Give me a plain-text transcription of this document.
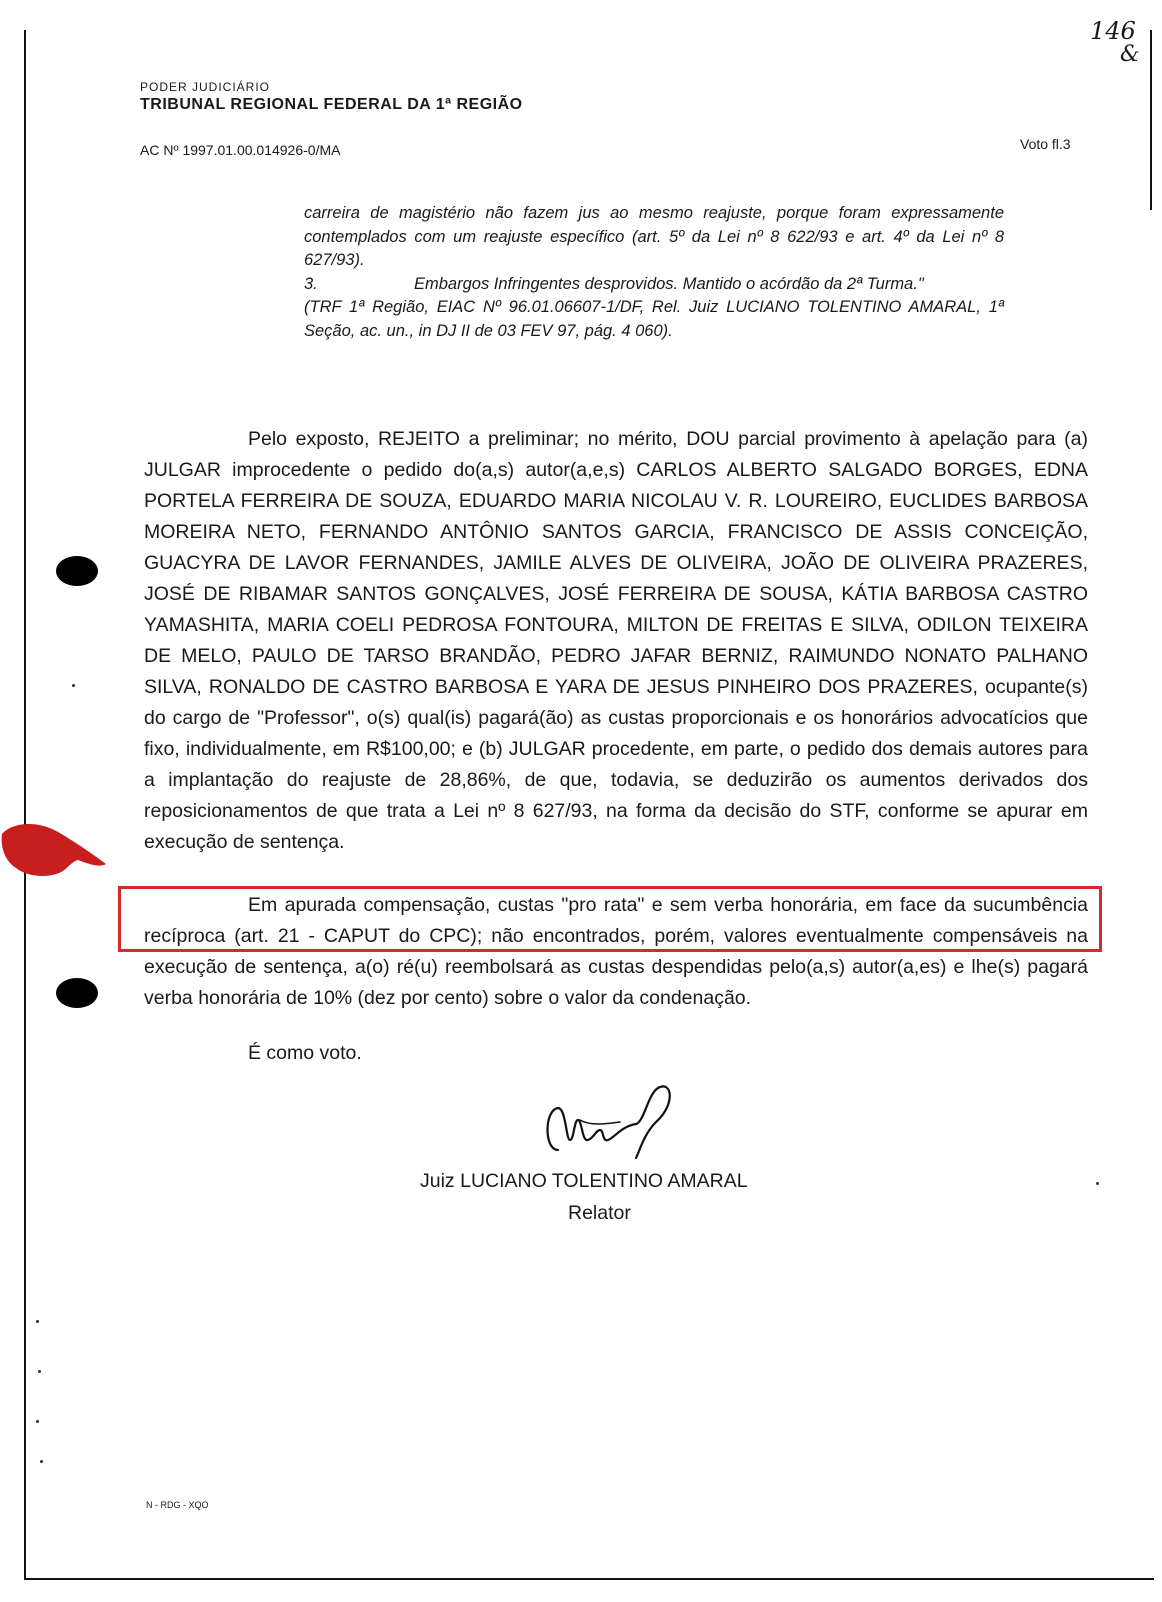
146
&
PODER JUDICIÁRIO
TRIBUNAL REGIONAL FEDERAL DA 1ª REGIÃO
AC Nº 1997.01.00.014926-0/MA	Voto fl.3

carreira de magistério não fazem jus ao mesmo reajuste, porque foram expressamente contemplados com um reajuste específico (art. 5º da Lei nº 8 622/93 e art. 4º da Lei nº 8 627/93).

3.	Embargos Infringentes desprovidos. Mantido o acórdão da 2ª Turma."

(TRF 1ª Região, EIAC Nº 96.01.06607-1/DF, Rel. Juiz LUCIANO TOLENTINO AMARAL, 1ª Seção, ac. un., in DJ II de 03 FEV 97, pág. 4 060).

Pelo exposto, REJEITO a preliminar; no mérito, DOU parcial provimento à apelação para (a) JULGAR improcedente o pedido do(a,s) autor(a,e,s) CARLOS ALBERTO SALGADO BORGES, EDNA PORTELA FERREIRA DE SOUZA, EDUARDO MARIA NICOLAU V. R. LOUREIRO, EUCLIDES BARBOSA MOREIRA NETO, FERNANDO ANTÔNIO SANTOS GARCIA, FRANCISCO DE ASSIS CONCEIÇÃO, GUACYRA DE LAVOR FERNANDES, JAMILE ALVES DE OLIVEIRA, JOÃO DE OLIVEIRA PRAZERES, JOSÉ DE RIBAMAR SANTOS GONÇALVES, JOSÉ FERREIRA DE SOUSA, KÁTIA BARBOSA CASTRO YAMASHITA, MARIA COELI PEDROSA FONTOURA, MILTON DE FREITAS E SILVA, ODILON TEIXEIRA DE MELO, PAULO DE TARSO BRANDÃO, PEDRO JAFAR BERNIZ, RAIMUNDO NONATO PALHANO SILVA, RONALDO DE CASTRO BARBOSA E YARA DE JESUS PINHEIRO DOS PRAZERES, ocupante(s) do cargo de "Professor", o(s) qual(is) pagará(ão) as custas proporcionais e os honorários advocatícios que fixo, individualmente, em R$100,00; e (b) JULGAR procedente, em parte, o pedido dos demais autores para a implantação do reajuste de 28,86%, de que, todavia, se deduzirão os aumentos derivados dos reposicionamentos de que trata a Lei nº 8 627/93, na forma da decisão do STF, conforme se apurar em execução de sentença.
Em apurada compensação, custas "pro rata" e sem verba honorária, em face da sucumbência recíproca (art. 21 - CAPUT do CPC); não encontrados, porém, valores eventualmente compensáveis na execução de sentença, a(o) ré(u) reembolsará as custas despendidas pelo(a,s) autor(a,es) e lhe(s) pagará verba honorária de 10% (dez por cento) sobre o valor da condenação.
É como voto.
Juiz LUCIANO TOLENTINO AMARAL
Relator
N - RDG - XQO
